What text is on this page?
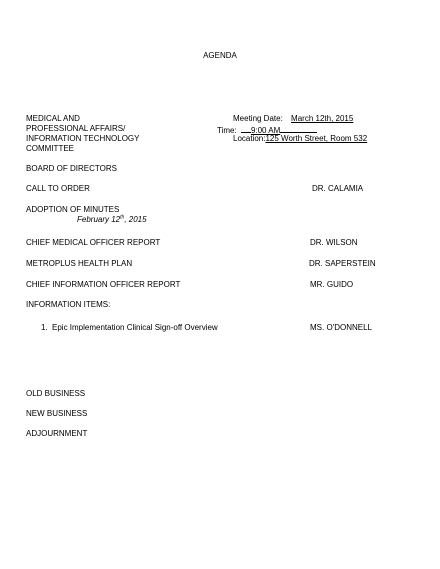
AGENDA
MEDICAL AND
PROFESSIONAL AFFAIRS/
INFORMATION TECHNOLOGY
COMMITTEE
Meeting Date: March 12th, 2015
Time: 9:00 AM
Location:125 Worth Street, Room 532
BOARD OF DIRECTORS
CALL TO ORDER	DR. CALAMIA
ADOPTION OF MINUTES
February 12th, 2015
CHIEF MEDICAL OFFICER REPORT	DR. WILSON
METROPLUS HEALTH PLAN	DR. SAPERSTEIN
CHIEF INFORMATION OFFICER REPORT	MR. GUIDO
INFORMATION ITEMS:
1. Epic Implementation Clinical Sign-off Overview	MS. O'DONNELL
OLD BUSINESS
NEW BUSINESS
ADJOURNMENT
